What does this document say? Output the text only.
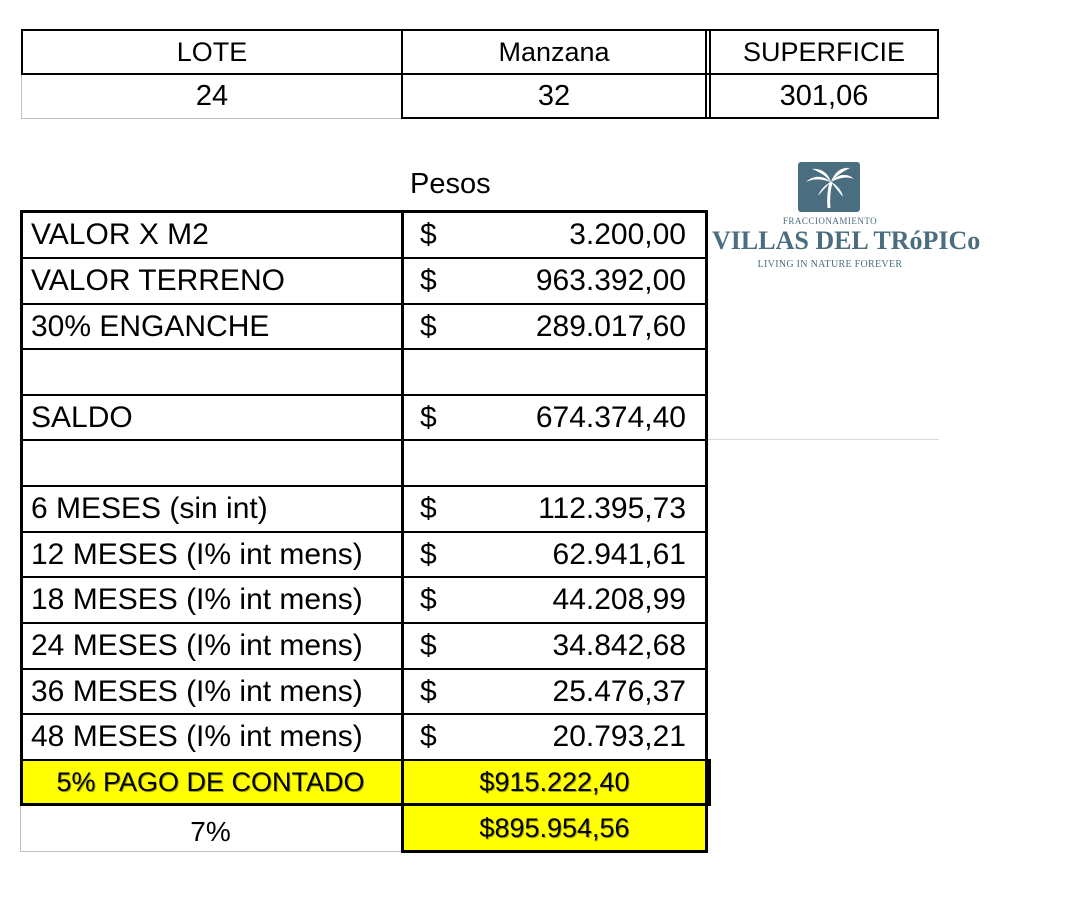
LOTE	Manzana	SUPERFICIE
24	32	301,06
Pesos
FRACCIONAMIENTO
VILLAS DEL TRóPICo
LIVING IN NATURE FOREVER
VALOR X M2	$	3.200,00
VALOR TERRENO	$	963.392,00
30% ENGANCHE	$	289.017,60
SALDO	$	674.374,40
6 MESES (sin int)	$	112.395,73
12 MESES (I% int mens)	$	62.941,61
18 MESES (I% int mens)	$	44.208,99
24 MESES (I% int mens)	$	34.842,68
36 MESES (I% int mens)	$	25.476,37
48 MESES (I% int mens)	$	20.793,21
5% PAGO DE CONTADO	$915.222,40
7%	$895.954,56
